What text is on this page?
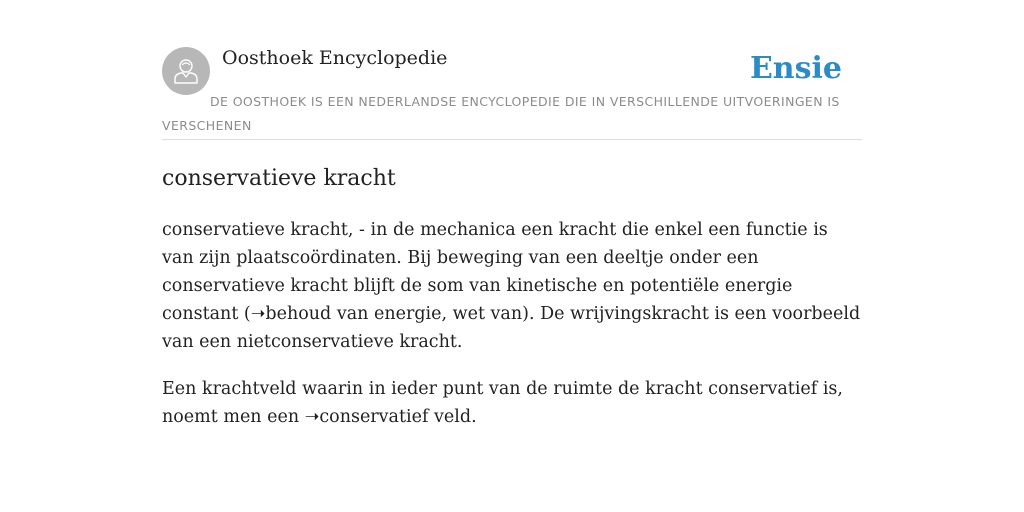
Oosthoek Encyclopedie	Ensie
DE OOSTHOEK IS EEN NEDERLANDSE ENCYCLOPEDIE DIE IN VERSCHILLENDE UITVOERINGEN IS VERSCHENEN
conservatieve kracht

conservatieve kracht, - in de mechanica een kracht die enkel een functie is van zijn plaatscoördinaten. Bij beweging van een deeltje onder een conservatieve kracht blijft de som van kinetische en potentiële energie constant (➝behoud van energie, wet van). De wrijvingskracht is een voorbeeld van een nietconservatieve kracht.

Een krachtveld waarin in ieder punt van de ruimte de kracht conservatief is, noemt men een ➝conservatief veld.
